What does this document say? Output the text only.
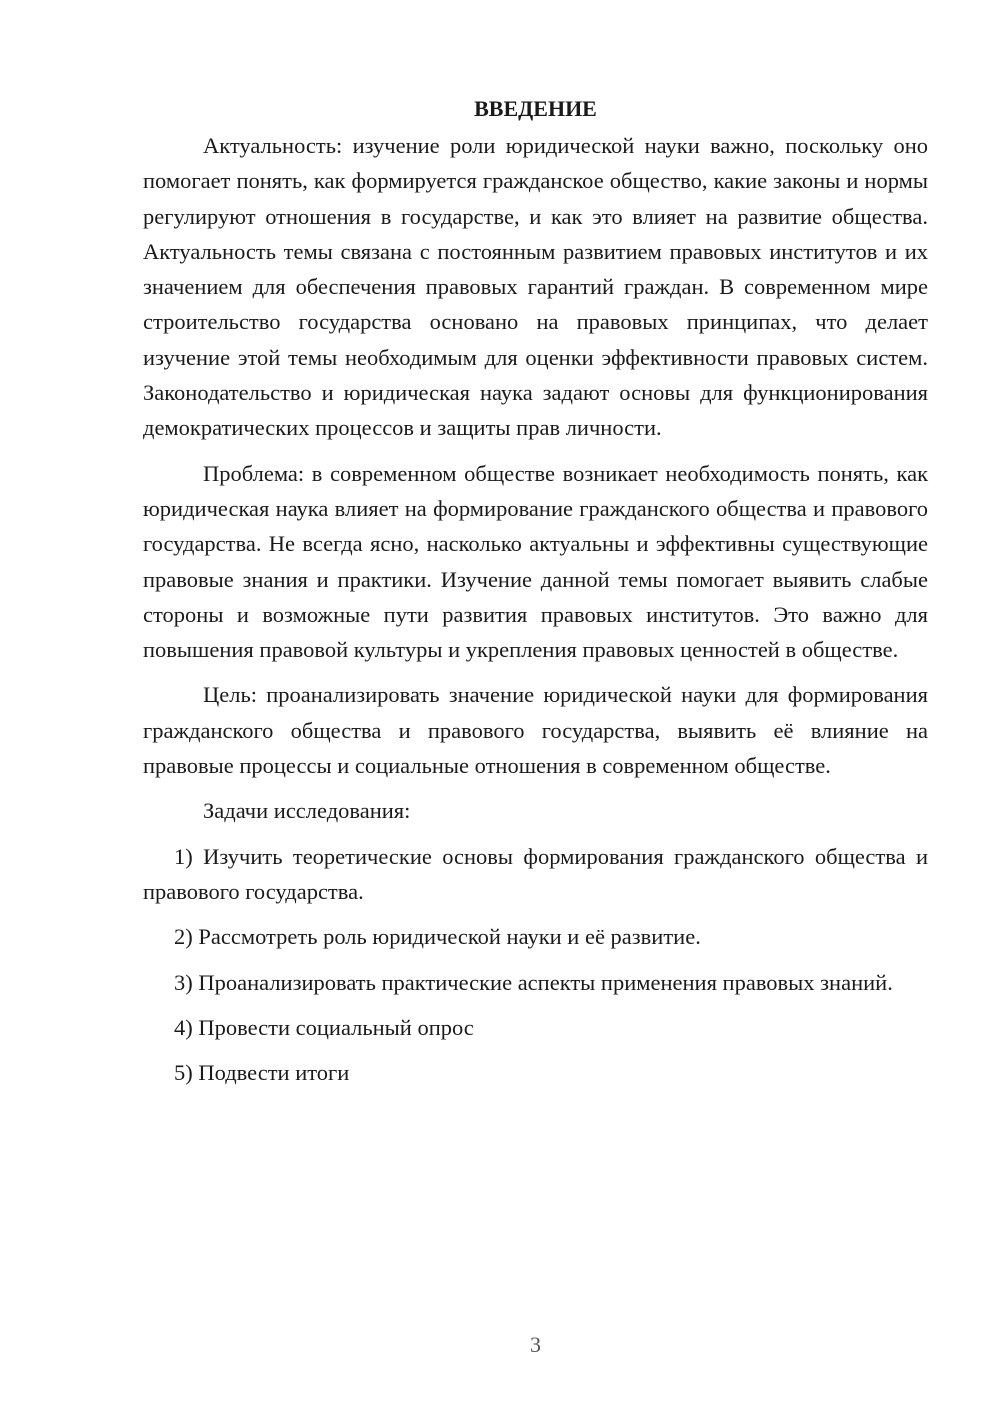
ВВЕДЕНИЕ

Актуальность: изучение роли юридической науки важно, поскольку оно помогает понять, как формируется гражданское общество, какие законы и нормы регулируют отношения в государстве, и как это влияет на развитие общества. Актуальность темы связана с постоянным развитием правовых институтов и их значением для обеспечения правовых гарантий граждан. В современном мире строительство государства основано на правовых принципах, что делает изучение этой темы необходимым для оценки эффективности правовых систем. Законодательство и юридическая наука задают основы для функционирования демократических процессов и защиты прав личности.

Проблема: в современном обществе возникает необходимость понять, как юридическая наука влияет на формирование гражданского общества и правового государства. Не всегда ясно, насколько актуальны и эффективны существующие правовые знания и практики. Изучение данной темы помогает выявить слабые стороны и возможные пути развития правовых институтов. Это важно для повышения правовой культуры и укрепления правовых ценностей в обществе.

Цель: проанализировать значение юридической науки для формирования гражданского общества и правового государства, выявить её влияние на правовые процессы и социальные отношения в современном обществе.

Задачи исследования:

1) Изучить теоретические основы формирования гражданского общества и правового государства.

2) Рассмотреть роль юридической науки и её развитие.

3) Проанализировать практические аспекты применения правовых знаний.

4) Провести социальный опрос

5) Подвести итоги

3
